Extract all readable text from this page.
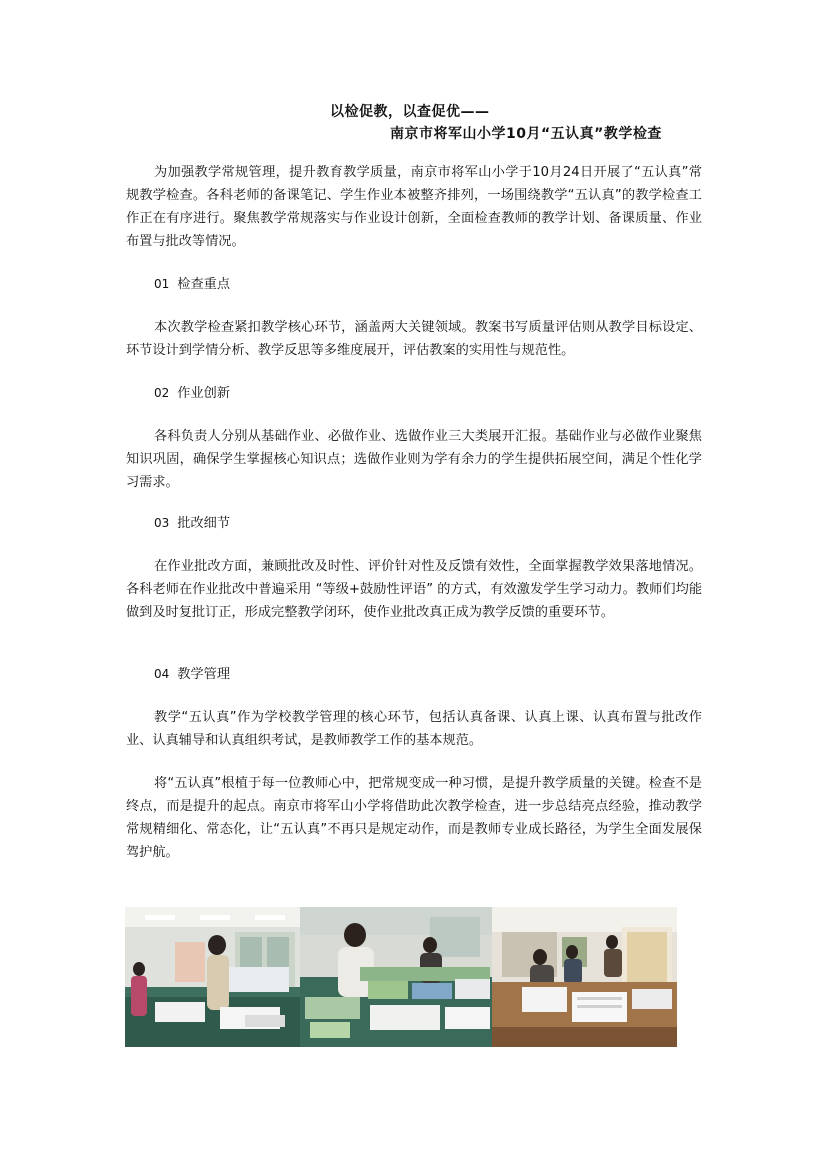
以检促教，以查促优——
南京市将军山小学10月“五认真”教学检查

为加强教学常规管理，提升教育教学质量，南京市将军山小学于10月24日开展了“五认真”常规教学检查。各科老师的备课笔记、学生作业本被整齐排列，一场围绕教学“五认真”的教学检查工作正在有序进行。聚焦教学常规落实与作业设计创新，全面检查教师的教学计划、备课质量、作业布置与批改等情况。

01 检查重点

本次教学检查紧扣教学核心环节，涵盖两大关键领域。教案书写质量评估则从教学目标设定、环节设计到学情分析、教学反思等多维度展开，评估教案的实用性与规范性。

02 作业创新

各科负责人分别从基础作业、必做作业、选做作业三大类展开汇报。基础作业与必做作业聚焦知识巩固，确保学生掌握核心知识点；选做作业则为学有余力的学生提供拓展空间，满足个性化学习需求。

03 批改细节

在作业批改方面，兼顾批改及时性、评价针对性及反馈有效性，全面掌握教学效果落地情况。各科老师在作业批改中普遍采用 “等级+鼓励性评语” 的方式，有效激发学生学习动力。教师们均能做到及时复批订正，形成完整教学闭环，使作业批改真正成为教学反馈的重要环节。

04 教学管理

教学“五认真”作为学校教学管理的核心环节，包括认真备课、认真上课、认真布置与批改作业、认真辅导和认真组织考试，是教师教学工作的基本规范。

将“五认真”根植于每一位教师心中，把常规变成一种习惯，是提升教学质量的关键。检查不是终点，而是提升的起点。南京市将军山小学将借助此次教学检查，进一步总结亮点经验，推动教学常规精细化、常态化，让“五认真”不再只是规定动作，而是教师专业成长路径，为学生全面发展保驾护航。
